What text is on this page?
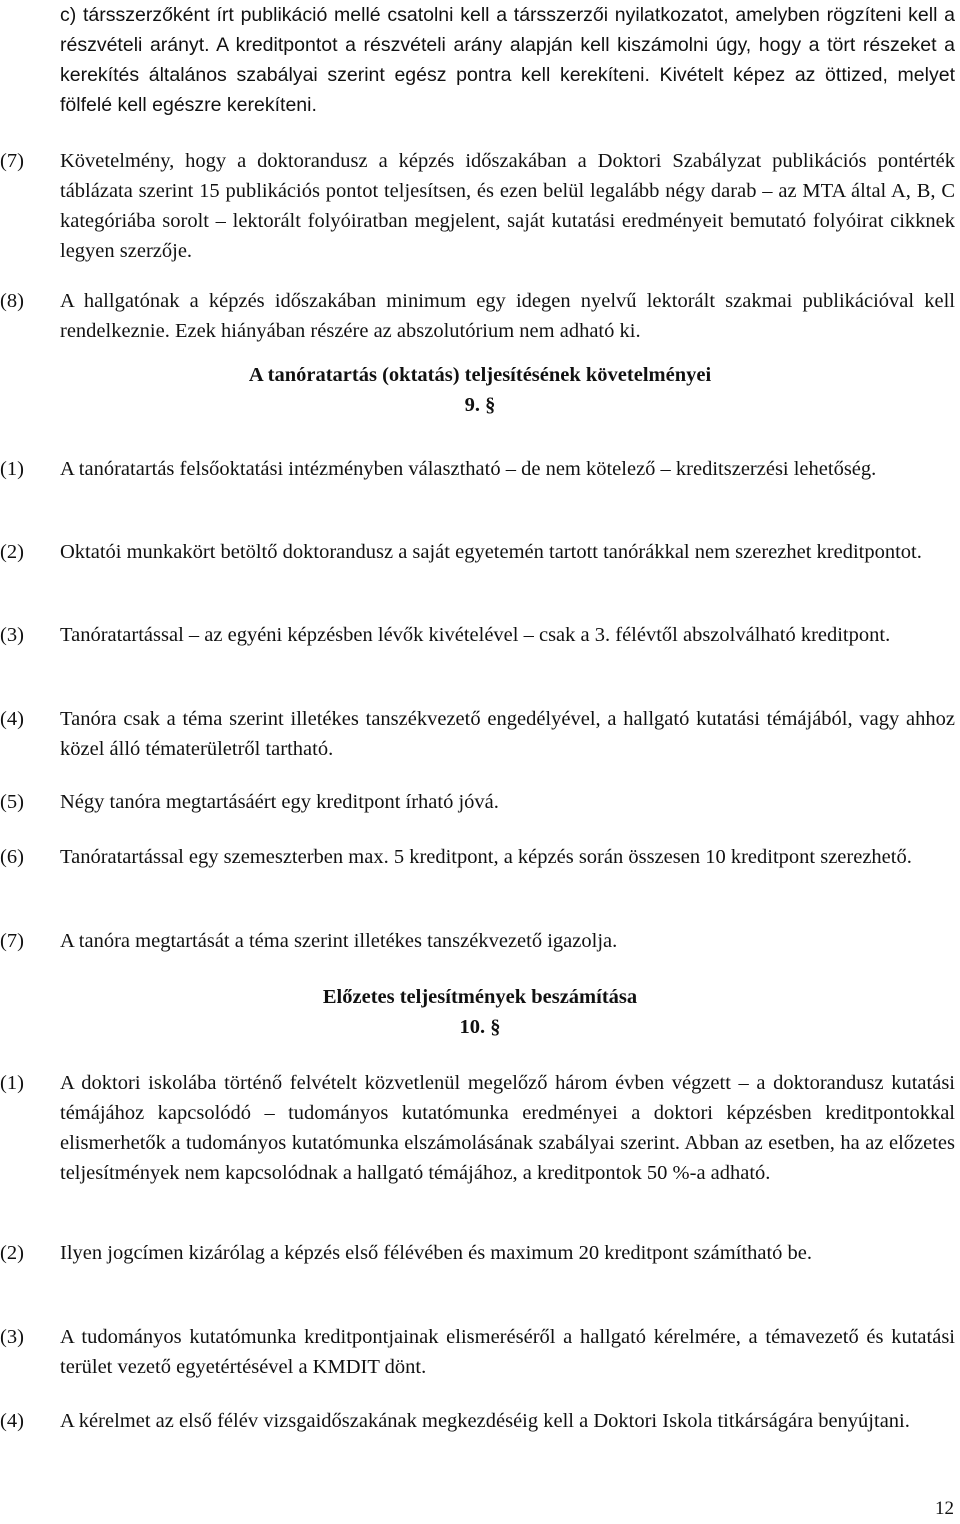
c) társszerzőként írt publikáció mellé csatolni kell a társszerzői nyilatkozatot, amelyben rögzíteni kell a részvételi arányt. A kreditpontot a részvételi arány alapján kell kiszámolni úgy, hogy a tört részeket a kerekítés általános szabályai szerint egész pontra kell kerekíteni. Kivételt képez az öttized, melyet fölfelé kell egészre kerekíteni.
(7)	Követelmény, hogy a doktorandusz a képzés időszakában a Doktori Szabályzat publikációs pontérték táblázata szerint 15 publikációs pontot teljesítsen, és ezen belül legalább négy darab – az MTA által A, B, C kategóriába sorolt – lektorált folyóiratban megjelent, saját kutatási eredményeit bemutató folyóirat cikknek legyen szerzője.
(8)	A hallgatónak a képzés időszakában minimum egy idegen nyelvű lektorált szakmai publikációval kell rendelkeznie. Ezek hiányában részére az abszolutórium nem adható ki.
A tanóratartás (oktatás) teljesítésének követelményei
9. §
(1)	A tanóratartás felsőoktatási intézményben választható – de nem kötelező – kreditszerzési lehetőség.
(2)	Oktatói munkakört betöltő doktorandusz a saját egyetemén tartott tanórákkal nem szerezhet kreditpontot.
(3)	Tanóratartással – az egyéni képzésben lévők kivételével – csak a 3. félévtől abszolválható kreditpont.
(4)	Tanóra csak a téma szerint illetékes tanszékvezető engedélyével, a hallgató kutatási témájából, vagy ahhoz közel álló tématerületről tartható.
(5)	Négy tanóra megtartásáért egy kreditpont írható jóvá.
(6)	Tanóratartással egy szemeszterben max. 5 kreditpont, a képzés során összesen 10 kreditpont szerezhető.
(7)	A tanóra megtartását a téma szerint illetékes tanszékvezető igazolja.
Előzetes teljesítmények beszámítása
10. §
(1)	A doktori iskolába történő felvételt közvetlenül megelőző három évben végzett – a doktorandusz kutatási témájához kapcsolódó – tudományos kutatómunka eredményei a doktori képzésben kreditpontokkal elismerhetők a tudományos kutatómunka elszámolásának szabályai szerint. Abban az esetben, ha az előzetes teljesítmények nem kapcsolódnak a hallgató témájához, a kreditpontok 50 %-a adható.
(2)	Ilyen jogcímen kizárólag a képzés első félévében és maximum 20 kreditpont számítható be.
(3)	A tudományos kutatómunka kreditpontjainak elismeréséről a hallgató kérelmére, a témavezető és kutatási terület vezető egyetértésével a KMDIT dönt.
(4)	A kérelmet az első félév vizsgaidőszakának megkezdéséig kell a Doktori Iskola titkárságára benyújtani.
12
